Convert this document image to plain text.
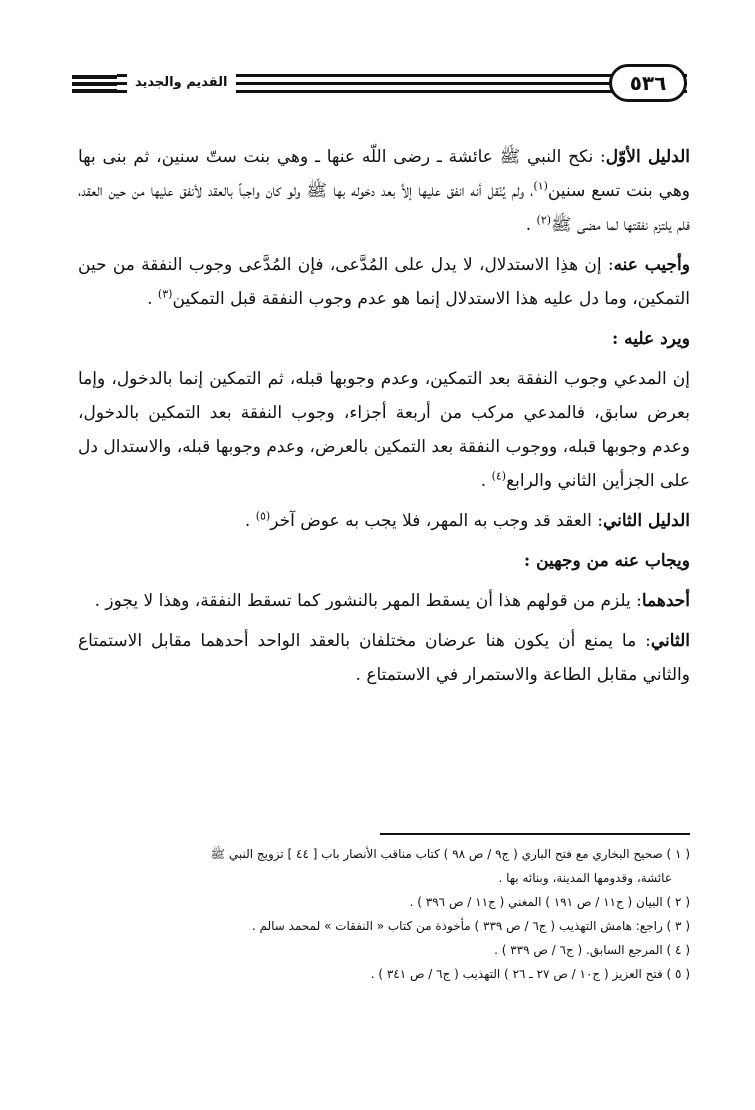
القديم والجديد	٥٣٦

الدليل الأوّل: نكح النبي ﷺ عائشة ـ رضى اللّه عنها ـ وهي بنت ستّ سنين، ثم بنى بها وهي بنت تسع سنين$^{(١)}$، ولم يُنْقل أنه انفق عليها إلاَّ بعد دخوله بها ﷺ ولو كان واجباً بالعقد لأنفق عليها من حين العقد، فلم يلتزم نفقتها لما مضى ﷺ$^{(٢)}$ .

وأجيب عنه: إن هذِا الاستدلال، لا يدل على المُدَّعى، فإن المُدَّعى وجوب النفقة من حين التمكين، وما دل عليه هذا الاستدلال إنما هو عدم وجوب النفقة قبل التمكين$^{(٣)}$ .

ويرد عليه :

إن المدعي وجوب النفقة بعد التمكين، وعدم وجوبها قبله، ثم التمكين إنما بالدخول، وإما بعرض سابق، فالمدعي مركب من أربعة أجزاء، وجوب النفقة بعد التمكين بالدخول، وعدم وجوبها قبله، ووجوب النفقة بعد التمكين بالعرض، وعدم وجوبها قبله، والاستدال دل على الجزأين الثاني والرابع$^{(٤)}$ .

الدليل الثاني: العقد قد وجب به المهر، فلا يجب به عوض آخر$^{(٥)}$ .

ويجاب عنه من وجهين :

أحدهما: يلزم من قولهم هذا أن يسقط المهر بالنشور كما تسقط النفقة، وهذا لا يجوز .

الثاني: ما يمنع أن يكون هنا عرضان مختلفان بالعقد الواحد أحدهما مقابل الاستمتاع والثاني مقابل الطاعة والاستمرار في الاستمتاع .

( ١ ) صحيح البخاري مع فتح الباري ( ج٩ / ص ٩٨ ) كتاب مناقب الأنصار باب [ ٤٤ ] تزويج النبي ﷺ

عائشة، وقدومها المدينة، وبنائه بها .

( ٢ ) البيان ( ج١١ / ص ١٩١ ) المغني ( ج١١ / ص ٣٩٦ ) .

( ٣ ) راجع: هامش التهذيب ( ج٦ / ص ٣٣٩ ) مأخوذة من كتاب « النفقات » لمحمد سالم .

( ٤ ) المرجع السابق. ( ج٦ / ص ٣٣٩ ) .

( ٥ ) فتح العزيز ( ج١٠ / ص ٢٧ ـ ٢٦ ) التهذيب ( ج٦ / ص ٣٤١ ) .
